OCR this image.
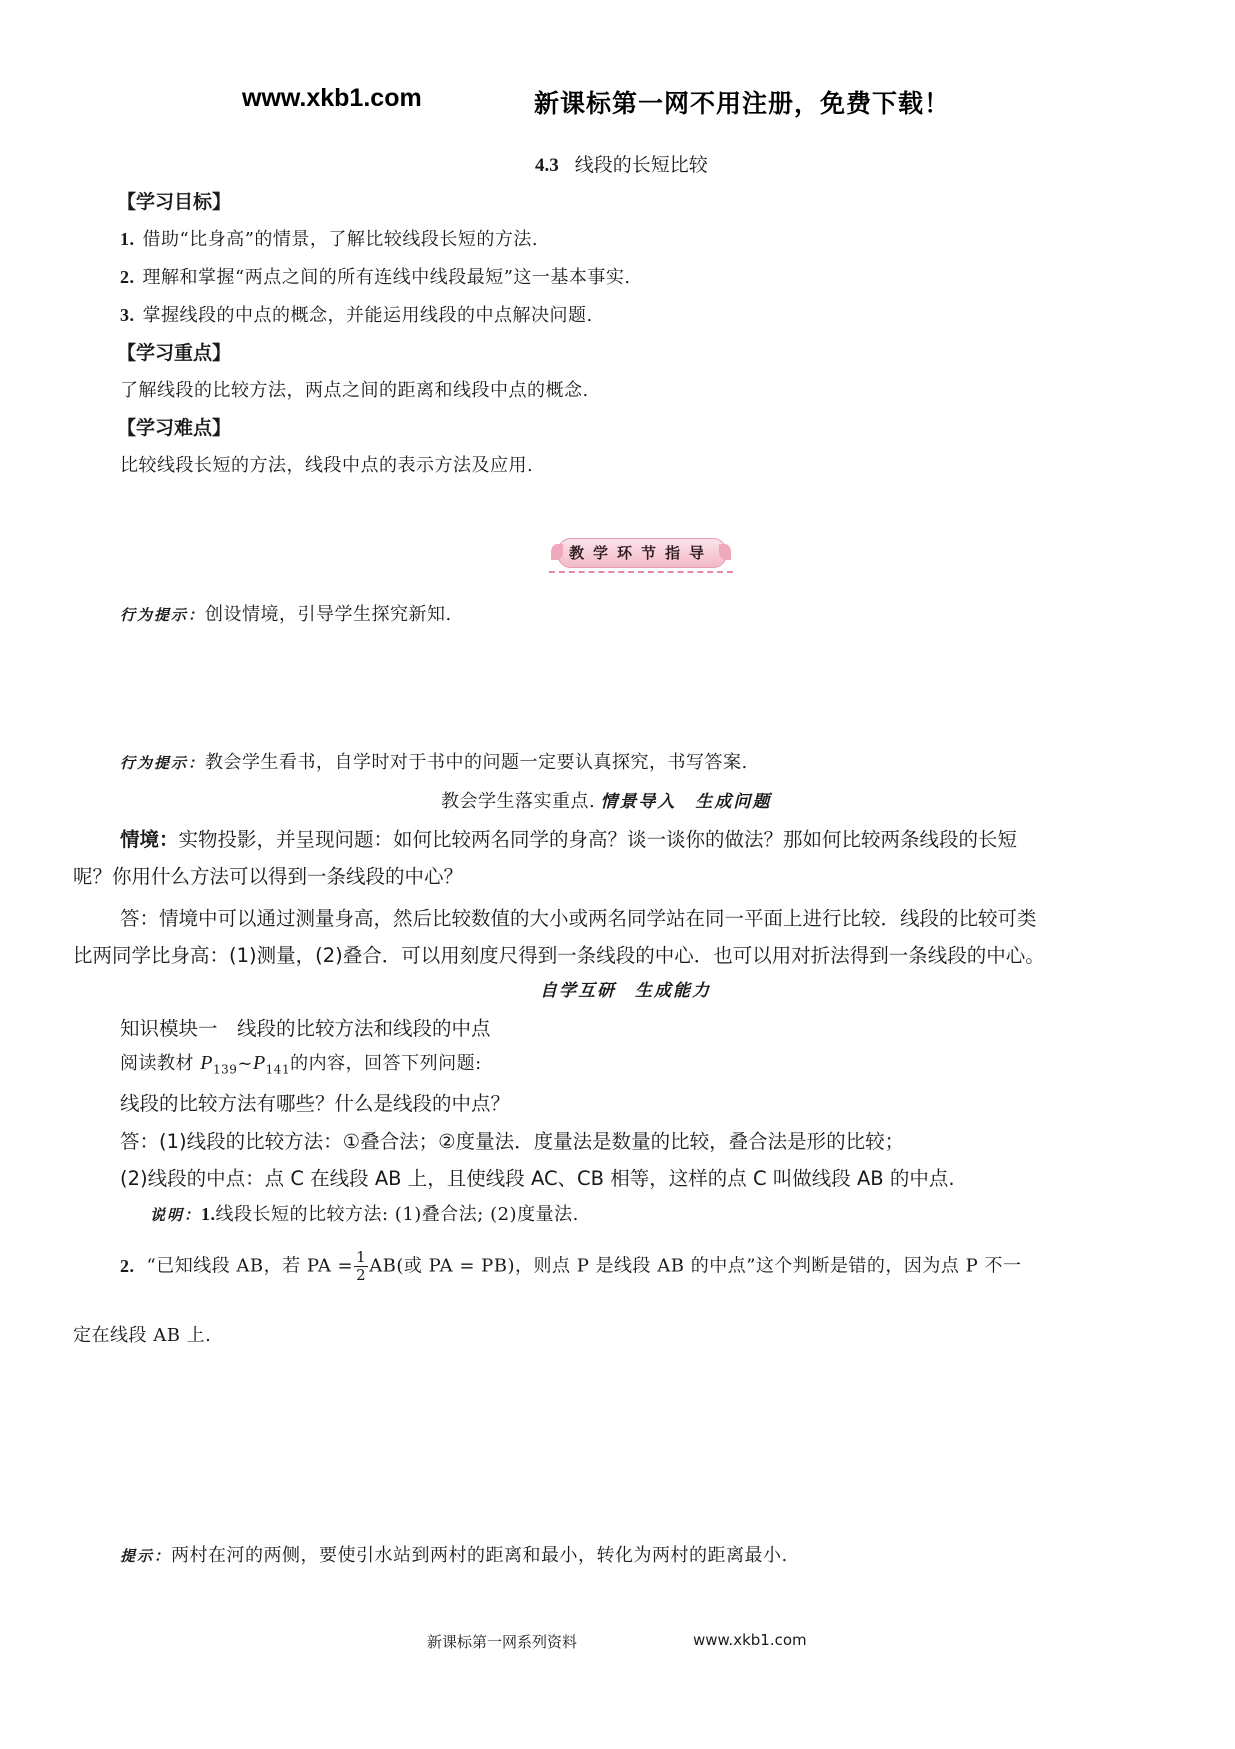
www.xkb1.com	新课标第一网不用注册，免费下载！
4.3 线段的长短比较
【学习目标】
1. 借助“比身高”的情景，了解比较线段长短的方法.
2. 理解和掌握“两点之间的所有连线中线段最短”这一基本事实.
3. 掌握线段的中点的概念，并能运用线段的中点解决问题.
【学习重点】
了解线段的比较方法，两点之间的距离和线段中点的概念.
【学习难点】
比较线段长短的方法，线段中点的表示方法及应用.
教学环节指导
行为提示：创设情境，引导学生探究新知.
行为提示：教会学生看书，自学时对于书中的问题一定要认真探究，书写答案.
教会学生落实重点. 情景导入　生成问题
情境：实物投影，并呈现问题：如何比较两名同学的身高？谈一谈你的做法？那如何比较两条线段的长短
呢？你用什么方法可以得到一条线段的中心？
答：情境中可以通过测量身高，然后比较数值的大小或两名同学站在同一平面上进行比较．线段的比较可类
比两同学比身高：(1)测量，(2)叠合．可以用刻度尺得到一条线段的中心．也可以用对折法得到一条线段的中心。
自学互研　生成能力
知识模块一　线段的比较方法和线段的中点
阅读教材 $P_{139}\sim P_{141}$的内容，回答下列问题:
线段的比较方法有哪些？什么是线段的中点？
答：(1)线段的比较方法：①叠合法；②度量法．度量法是数量的比较，叠合法是形的比较；
(2)线段的中点：点 C 在线段 AB 上，且使线段 AC、CB 相等，这样的点 C 叫做线段 AB 的中点.
说明：1.线段长短的比较方法: (1)叠合法; (2)度量法.
2. “已知线段 AB，若 PA = $\frac{1}{2} AB$(或 PA = PB)，则点 P 是线段 AB 的中点”这个判断是错的，因为点 P 不一
定在线段 AB 上.
提示：两村在河的两侧，要使引水站到两村的距离和最小，转化为两村的距离最小.
新课标第一网系列资料	www.xkb1.com
